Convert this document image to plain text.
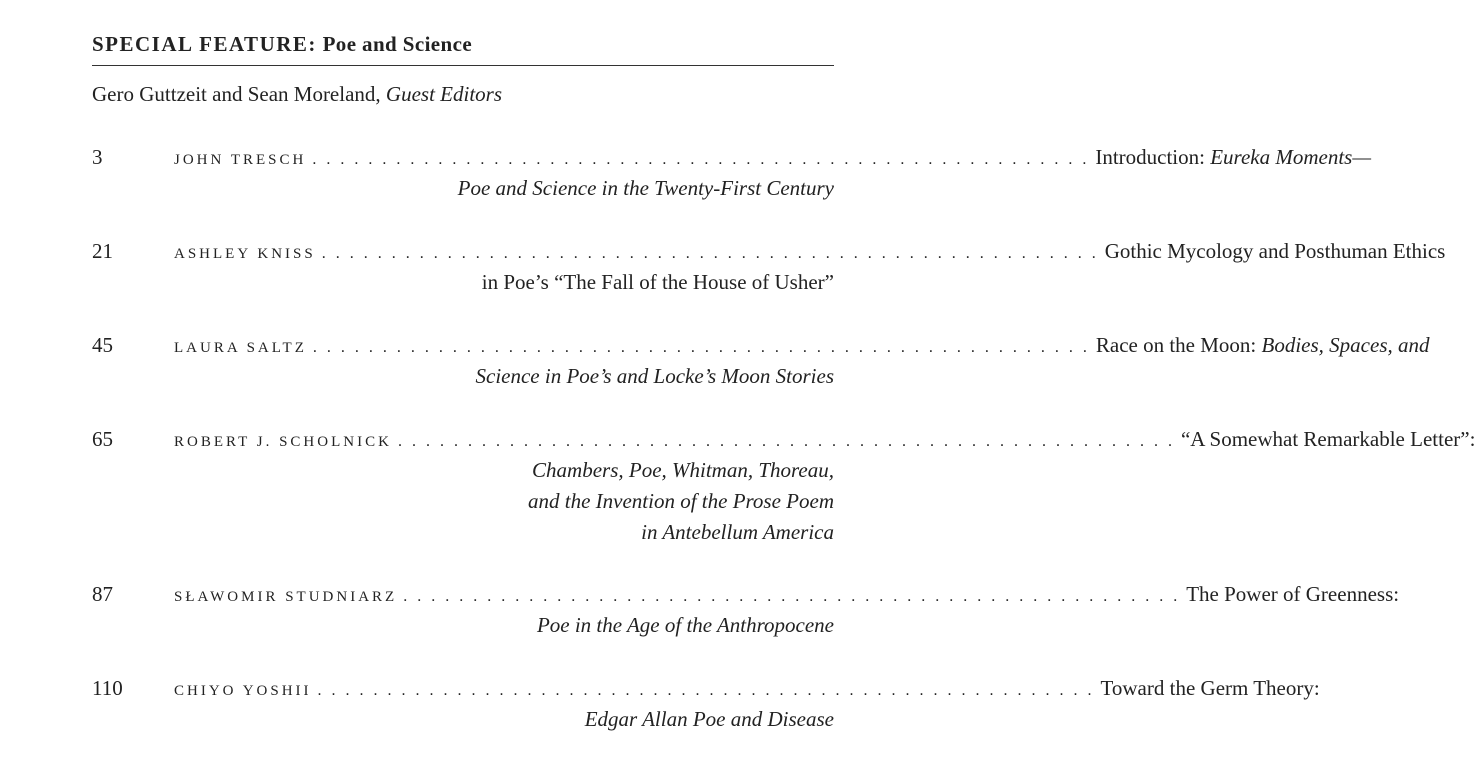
SPECIAL FEATURE: Poe and Science
Gero Guttzeit and Sean Moreland, Guest Editors
3	JOHN TRESCH . . . . . . . . . . . . . . . . . . . . . . . . . . . . . . . . . . . . . . . . . . . . . . . . . . . . . . . . Introduction: Eureka Moments—
Poe and Science in the Twenty-First Century
21	ASHLEY KNISS . . . . . . . . . . . . . . . . . . . . . . . . . . . . . . . . . . . . . . . . . . . . . . . . . . . . . . . . Gothic Mycology and Posthuman Ethics
in Poe’s “The Fall of the House of Usher”
45	LAURA SALTZ . . . . . . . . . . . . . . . . . . . . . . . . . . . . . . . . . . . . . . . . . . . . . . . . . . . . . . . . Race on the Moon: Bodies, Spaces, and
Science in Poe’s and Locke’s Moon Stories
65	ROBERT J. SCHOLNICK . . . . . . . . . . . . . . . . . . . . . . . . . . . . . . . . . . . . . . . . . . . . . . . . . . . . . . . . “A Somewhat Remarkable Letter”:
Chambers, Poe, Whitman, Thoreau,
and the Invention of the Prose Poem
in Antebellum America
87	SŁAWOMIR STUDNIARZ . . . . . . . . . . . . . . . . . . . . . . . . . . . . . . . . . . . . . . . . . . . . . . . . . . . . . . . . The Power of Greenness:
Poe in the Age of the Anthropocene
110	CHIYO YOSHII . . . . . . . . . . . . . . . . . . . . . . . . . . . . . . . . . . . . . . . . . . . . . . . . . . . . . . . . Toward the Germ Theory:
Edgar Allan Poe and Disease
